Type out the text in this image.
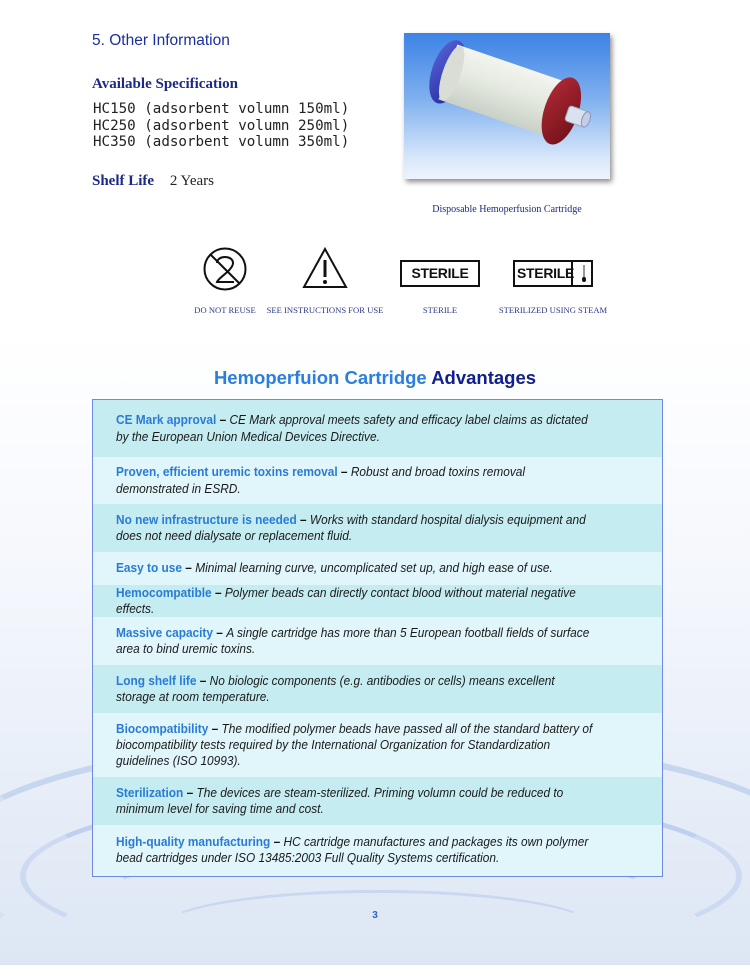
5. Other Information
Available Specification
HC150 (adsorbent volumn 150ml)
HC250 (adsorbent volumn 250ml)
HC350 (adsorbent volumn 350ml)
Shelf Life 2 Years
Disposable Hemoperfusion Cartridge
DO NOT REUSE SEE INSTRUCTIONS FOR USE
STERILE
STERILE
STERILE
STERILIZED USING STEAM
Hemoperfuion Cartridge Advantages
CE Mark approval – CE Mark approval meets safety and efficacy label claims as dictated by the European Union Medical Devices Directive.
Proven, efficient uremic toxins removal – Robust and broad toxins removal demonstrated in ESRD.
No new infrastructure is needed – Works with standard hospital dialysis equipment and does not need dialysate or replacement fluid.
Easy to use – Minimal learning curve, uncomplicated set up, and high ease of use.
Hemocompatible – Polymer beads can directly contact blood without material negative effects.
Massive capacity – A single cartridge has more than 5 European football fields of surface area to bind uremic toxins.
Long shelf life – No biologic components (e.g. antibodies or cells) means excellent storage at room temperature.
Biocompatibility – The modified polymer beads have passed all of the standard battery of biocompatibility tests required by the International Organization for Standardization guidelines (ISO 10993).
Sterilization – The devices are steam-sterilized. Priming volumn could be reduced to minimum level for saving time and cost.
High-quality manufacturing – HC cartridge manufactures and packages its own polymer bead cartridges under ISO 13485:2003 Full Quality Systems certification.
3
